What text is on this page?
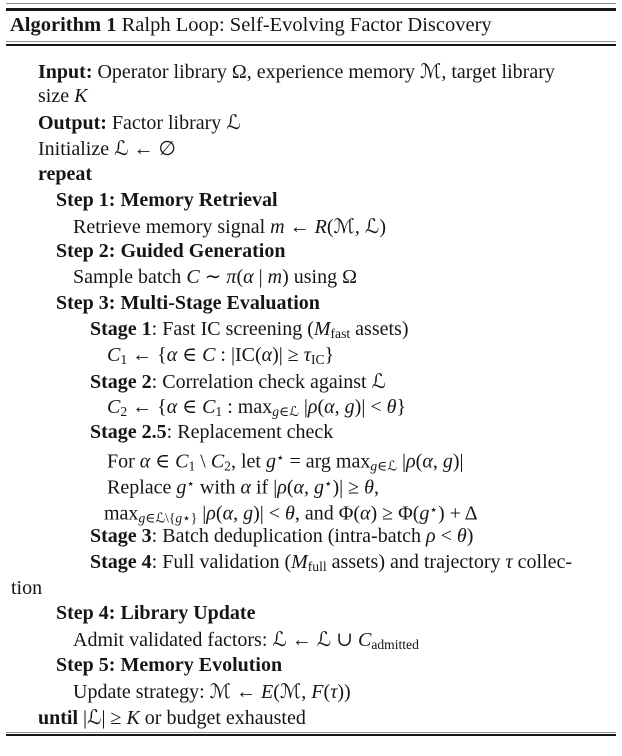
Algorithm 1 Ralph Loop: Self-Evolving Factor Discovery
Input: Operator library Ω, experience memory ℳ, target library
size K
Output: Factor library ℒ
Initialize ℒ ← ∅
repeat
Step 1: Memory Retrieval
Retrieve memory signal m ← R(ℳ, ℒ)
Step 2: Guided Generation
Sample batch C ∼ π(α | m) using Ω
Step 3: Multi-Stage Evaluation
Stage 1: Fast IC screening ($M_{fast}$ assets)
$C_1$ ← {α ∈ C : $|IC(\alpha)| \ge \tau_{IC}$}
Stage 2: Correlation check against ℒ
$C_2$ ← {α ∈ $C_1$ : $\max_{g\in ℒ} |\rho(\alpha$, g)| < θ}
Stage 2.5: Replacement check
For α ∈ $C_1$ \ $C_2$, let g⋆ = arg $\max_{g\in ℒ} |\rho(\alpha$, g)|
Replace g⋆ with α if |ρ(α, g⋆)| ≥ θ,
$\max_{g\in ℒ\backslash\{g⋆\}} |\rho(\alpha$, g)| < θ, and Φ(α) ≥ Φ(g⋆) + Δ
Stage 3: Batch deduplication (intra-batch ρ < θ)
Stage 4: Full validation ($M_{full}$ assets) and trajectory τ collec-
tion
Step 4: Library Update
Admit validated factors: ℒ ← ℒ ∪ $C_{admitted}$
Step 5: Memory Evolution
Update strategy: ℳ ← E(ℳ, F(τ))
until |ℒ| ≥ K or budget exhausted
